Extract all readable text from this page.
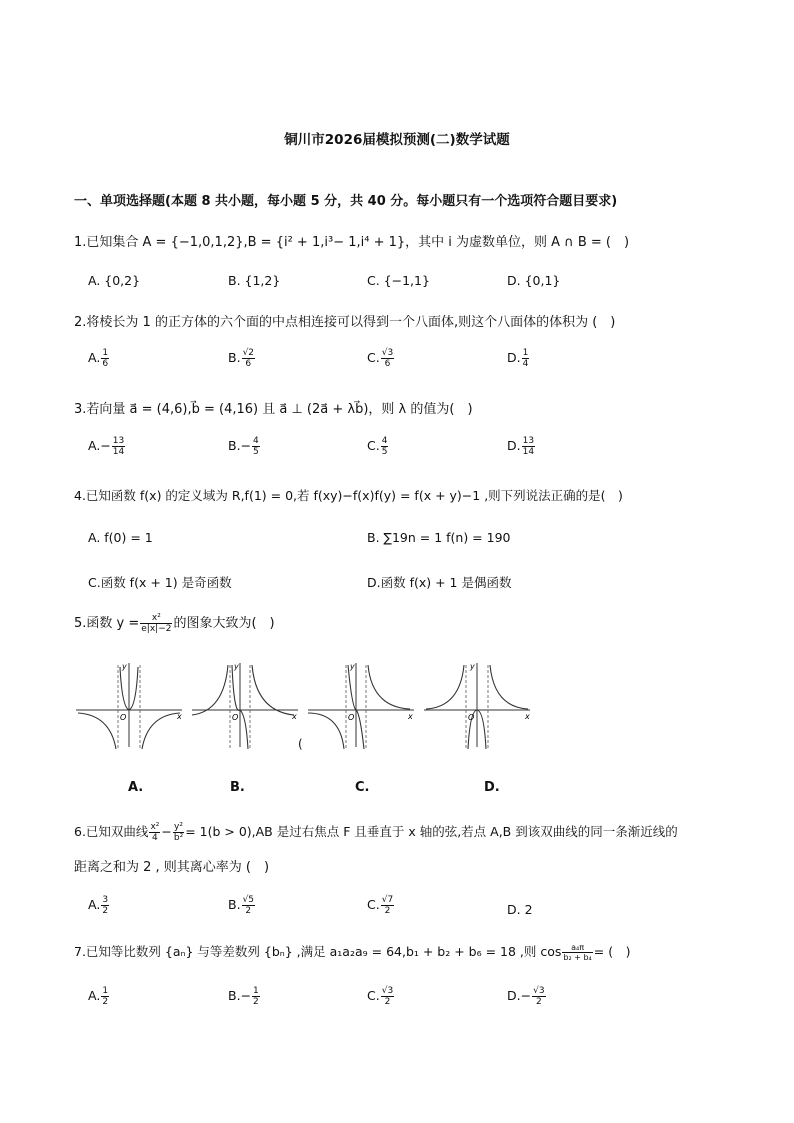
铜川市2026届模拟预测(二)数学试题
一、单项选择题(本题 8 共小题，每小题 5 分，共 40 分。每小题只有一个选项符合题目要求)
1.已知集合 A = {−1,0,1,2},B = {i² + 1,i³− 1,i⁴ + 1}，其中 i 为虚数单位，则 A ∩ B = (　)
A. {0,2}	B. {1,2}	C. {−1,1}	D. {0,1}
2.将棱长为 1 的正方体的六个面的中点相连接可以得到一个八面体,则这个八面体的体积为 (　)
A. $\frac{1}{6}$	B. $\frac{√2}{6}$	C. $\frac{√3}{6}$	D. $\frac{1}{4}$
3.若向量 a⃗ = (4,6),b⃗ = (4,16) 且 a⃗ ⊥ (2a⃗ + λb⃗)，则 λ 的值为(　)
$A.- \frac{13}{14}$	$B.- \frac{4}{5}$	C. $\frac{4}{5}$	D. $\frac{13}{14}$
4.已知函数 f(x) 的定义域为 R,f(1) = 0,若 f(xy)−f(x)f(y) = f(x + y)−1 ,则下列说法正确的是(　)
A. f(0) = 1	B. ∑19n = 1 f(n) = 190
C.函数 f(x + 1) 是奇函数	D.函数 f(x) + 1 是偶函数
5.函数 $y = \frac{\text{x²}}{e|x|-2}$ 的图象大致为(　)
y
x
O
y
x
O
y
x
O
(
y
x
O
A.	B.	C.	D.
6.已知双曲线 $\frac{\text{x²}}{4} - \frac{\text{y²}}{\text{b²}} = 1(b > 0),AB$ 是过右焦点 F 且垂直于 x 轴的弦,若点 A,B 到该双曲线的同一条渐近线的
距离之和为 2 , 则其离心率为 (　)
A. $\frac{3}{2}$	B. $\frac{√5}{2}$	C. $\frac{√7}{2}$	D. 2
7.已知等比数列 {aₙ} 与等差数列 {bₙ} ,满足 a₁a₂a₉ = 64,b₁ + b₂ + b₆ = 18 ,则 $\cos \frac{\text{a₄π}}{\text{b₂ + b₄}}$ = (　)
A. $\frac{1}{2}$	$B.- \frac{1}{2}$	C. $\frac{√3}{2}$	$D.- \frac{√3}{2}$
